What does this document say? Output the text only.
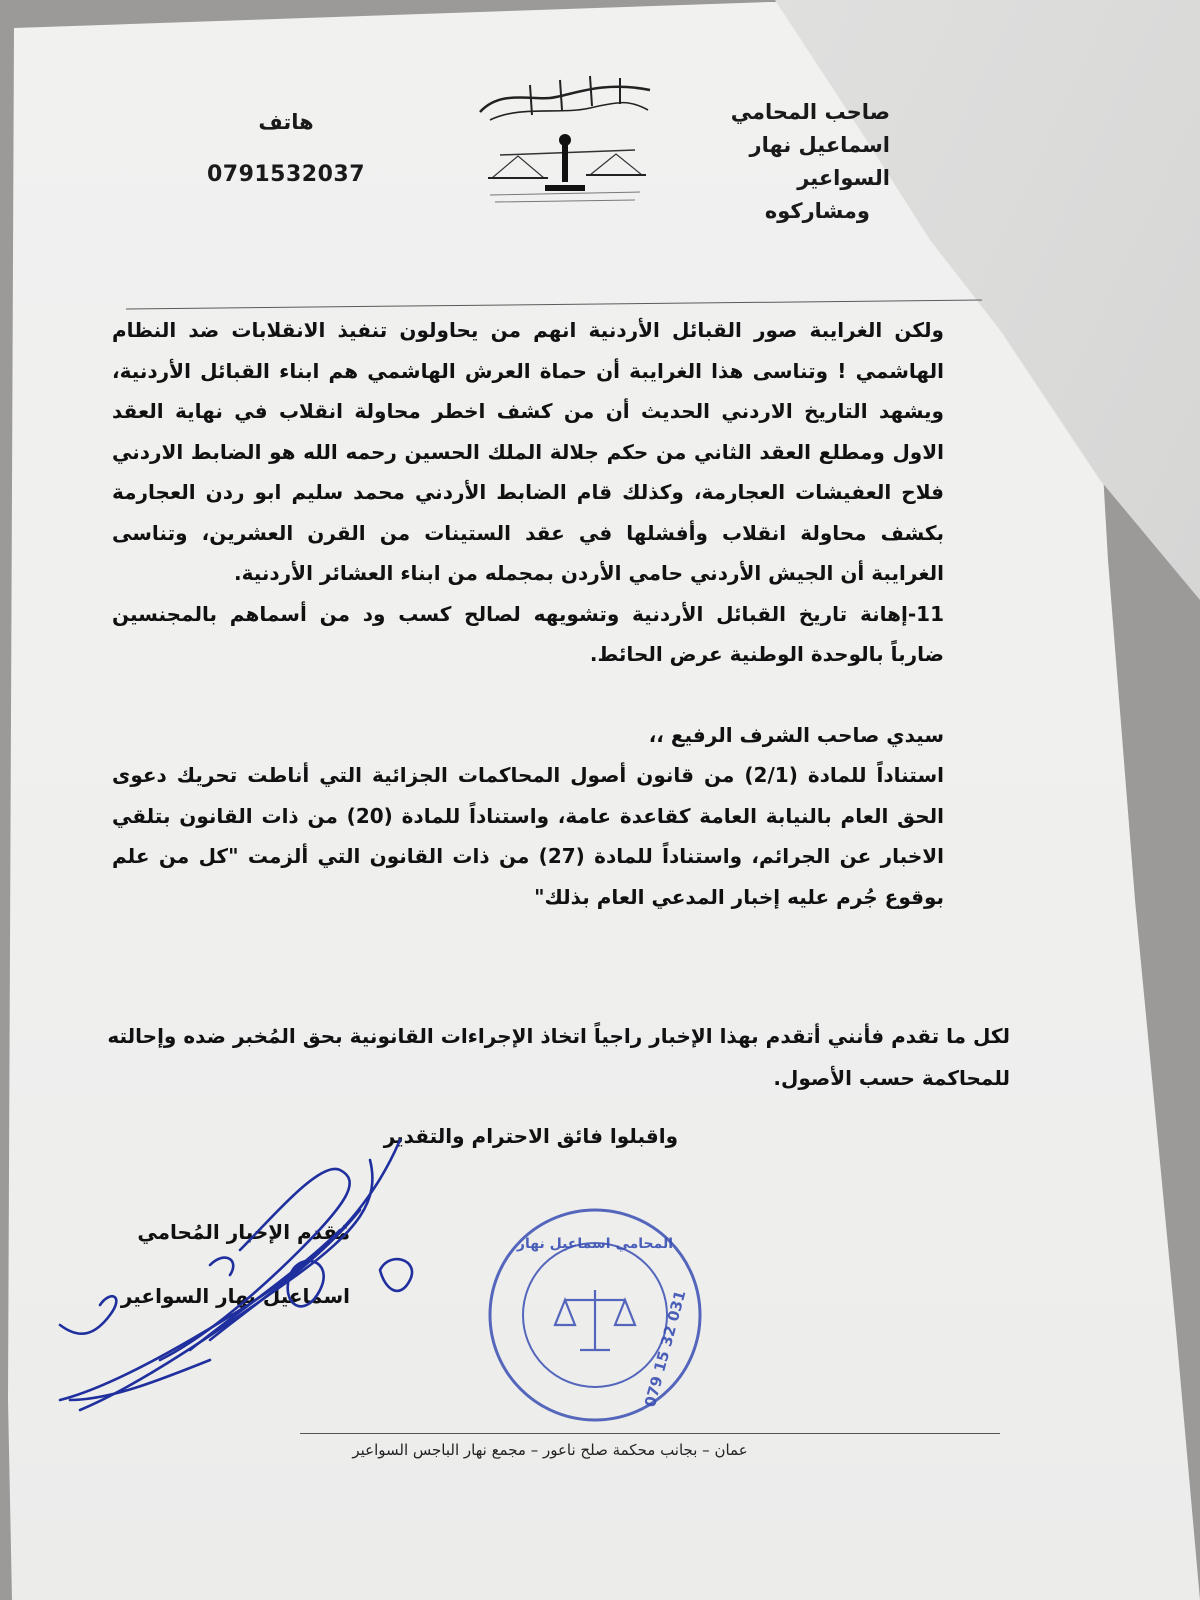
هاتف
0791532037
صاحب المحامي
اسماعيل نهار السواعير
ومشاركوه

ولكن الغرايبة صور القبائل الأردنية انهم من يحاولون تنفيذ الانقلابات ضد النظام الهاشمي ! وتناسى هذا الغرايبة أن حماة العرش الهاشمي هم ابناء القبائل الأردنية، ويشهد التاريخ الاردني الحديث أن من كشف اخطر محاولة انقلاب في نهاية العقد الاول ومطلع العقد الثاني من حكم جلالة الملك الحسين رحمه الله هو الضابط الاردني فلاح العفيشات العجارمة، وكذلك قام الضابط الأردني محمد سليم ابو ردن العجارمة بكشف محاولة انقلاب وأفشلها في عقد الستينات من القرن العشرين، وتناسى الغرايبة أن الجيش الأردني حامي الأردن بمجمله من ابناء العشائر الأردنية.

11-إهانة تاريخ القبائل الأردنية وتشويهه لصالح كسب ود من أسماهم بالمجنسين ضارباً بالوحدة الوطنية عرض الحائط.

سيدي صاحب الشرف الرفيع ،،

استناداً للمادة (2/1) من قانون أصول المحاكمات الجزائية التي أناطت تحريك دعوى الحق العام بالنيابة العامة كقاعدة عامة، واستناداً للمادة (20) من ذات القانون بتلقي الاخبار عن الجرائم، واستناداً للمادة (27) من ذات القانون التي ألزمت "كل من علم بوقوع جُرم عليه إخبار المدعي العام بذلك"

لكل ما تقدم فأنني أتقدم بهذا الإخبار راجياً اتخاذ الإجراءات القانونية بحق المُخبر ضده وإحالته للمحاكمة حسب الأصول.

واقبلوا فائق الاحترام والتقدير
مُقدم الإخبار المُحامي
اسماعيل نهار السواعير
المحامي اسماعيل نهار
079 15 32 031
عمان – بجانب محكمة صلح ناعور – مجمع نهار الباجس السواعير
